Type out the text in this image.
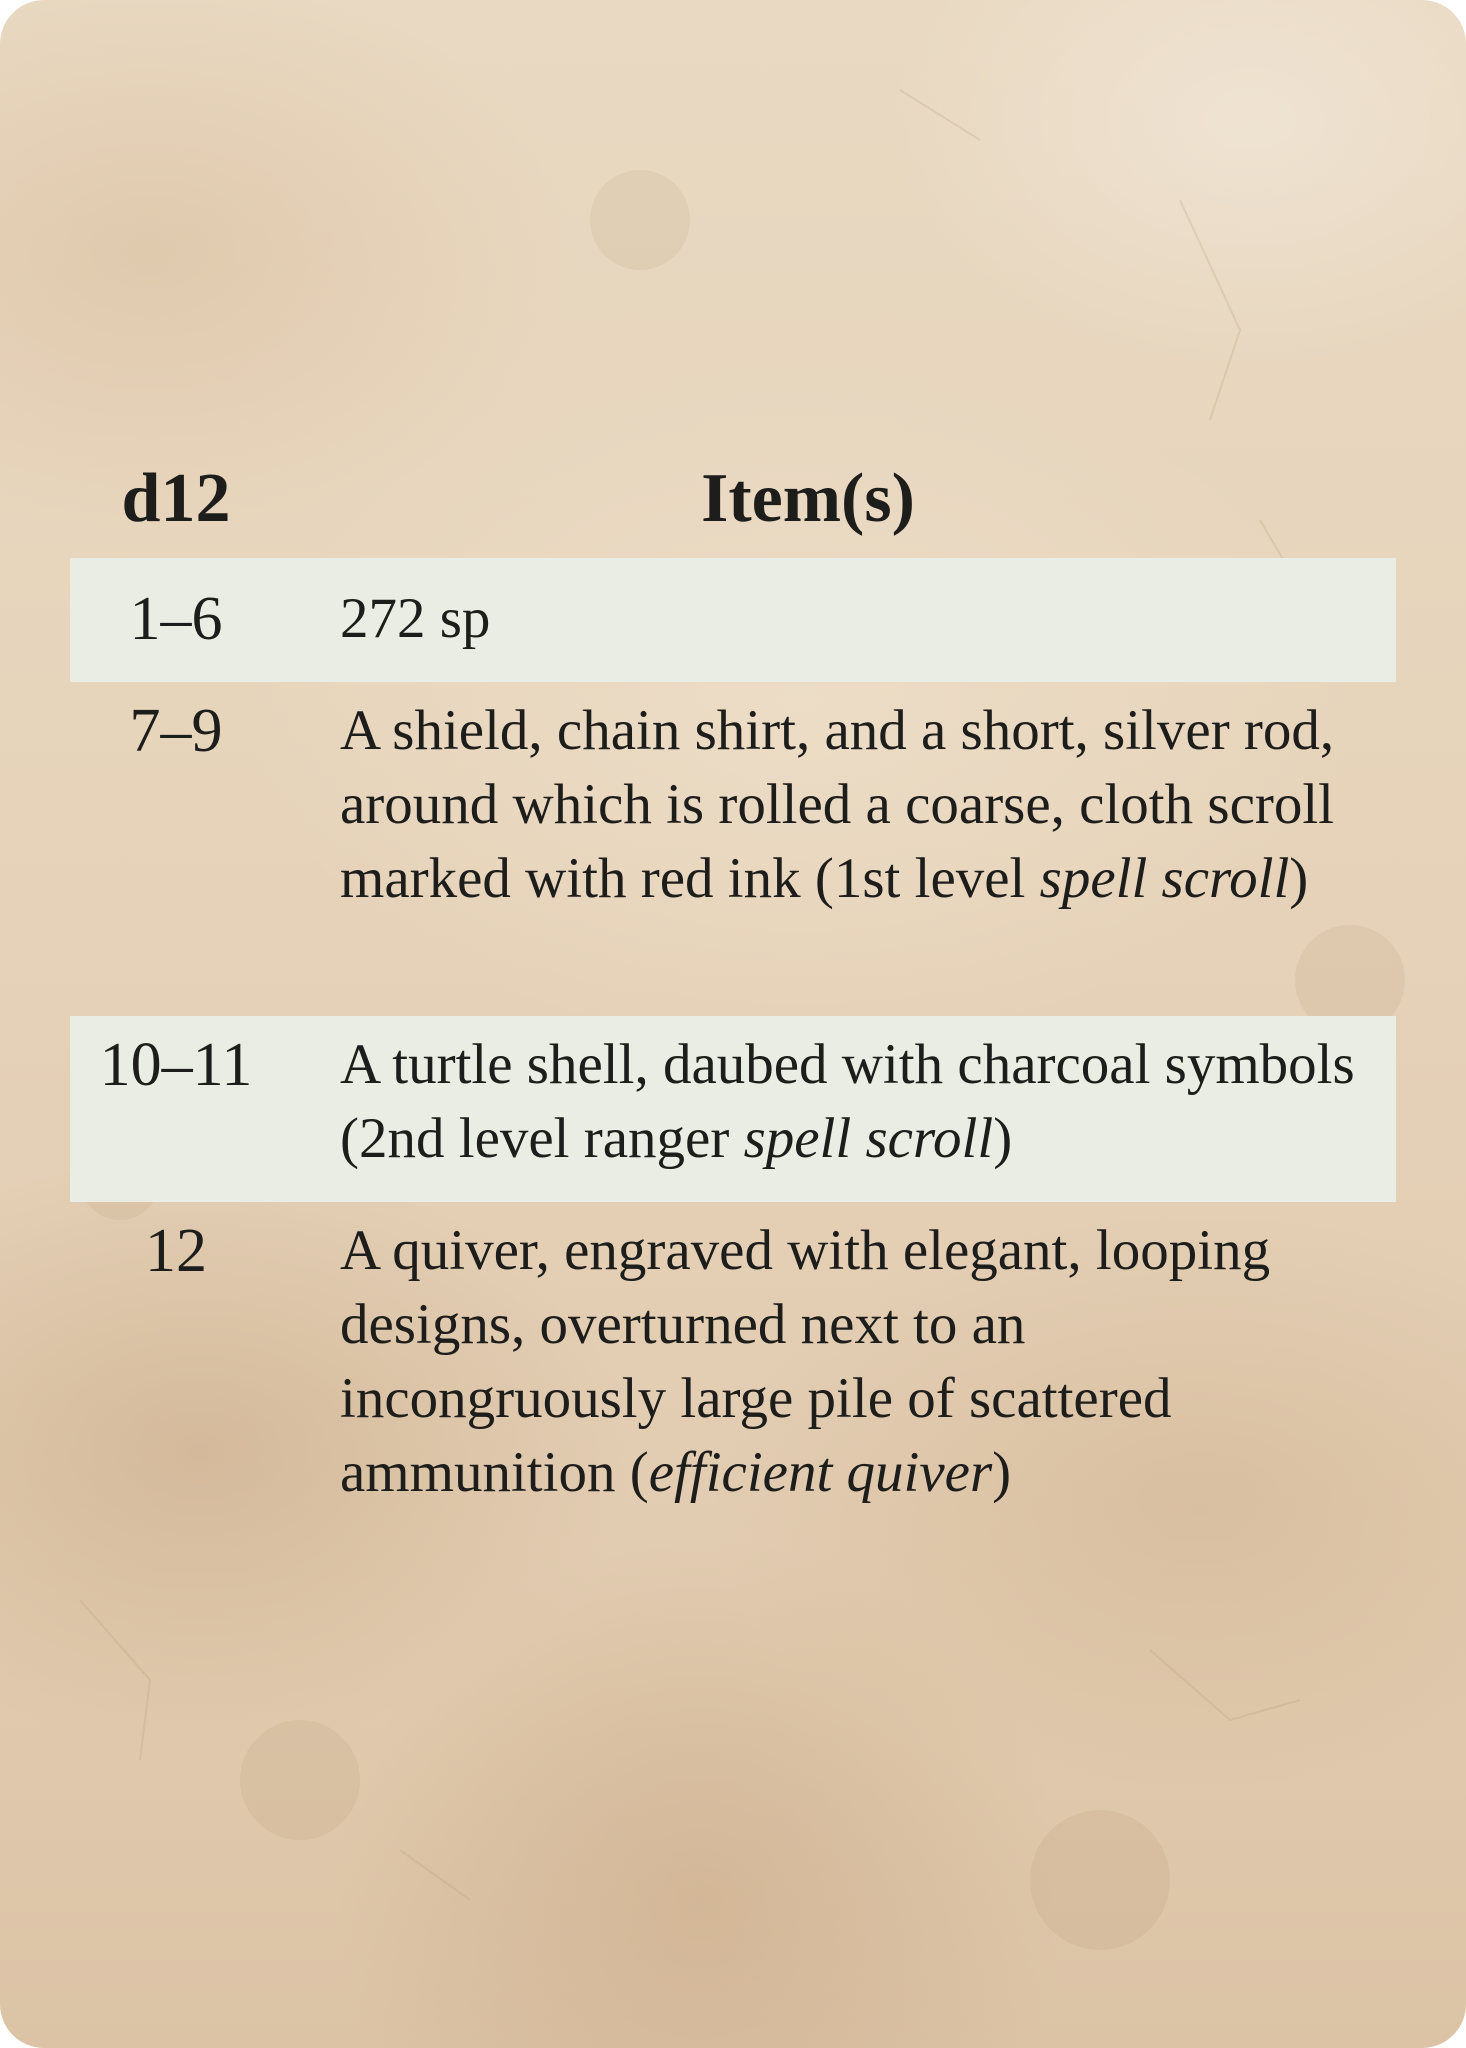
d12	Item(s)
1–6	272 sp
7–9	A shield, chain shirt, and a short, silver rod, around which is rolled a coarse, cloth scroll marked with red ink (1st level spell scroll)
10–11	A turtle shell, daubed with charcoal symbols (2nd level ranger spell scroll)
12	A quiver, engraved with elegant, looping designs, overturned next to an incongruously large pile of scattered ammunition (efficient quiver)
